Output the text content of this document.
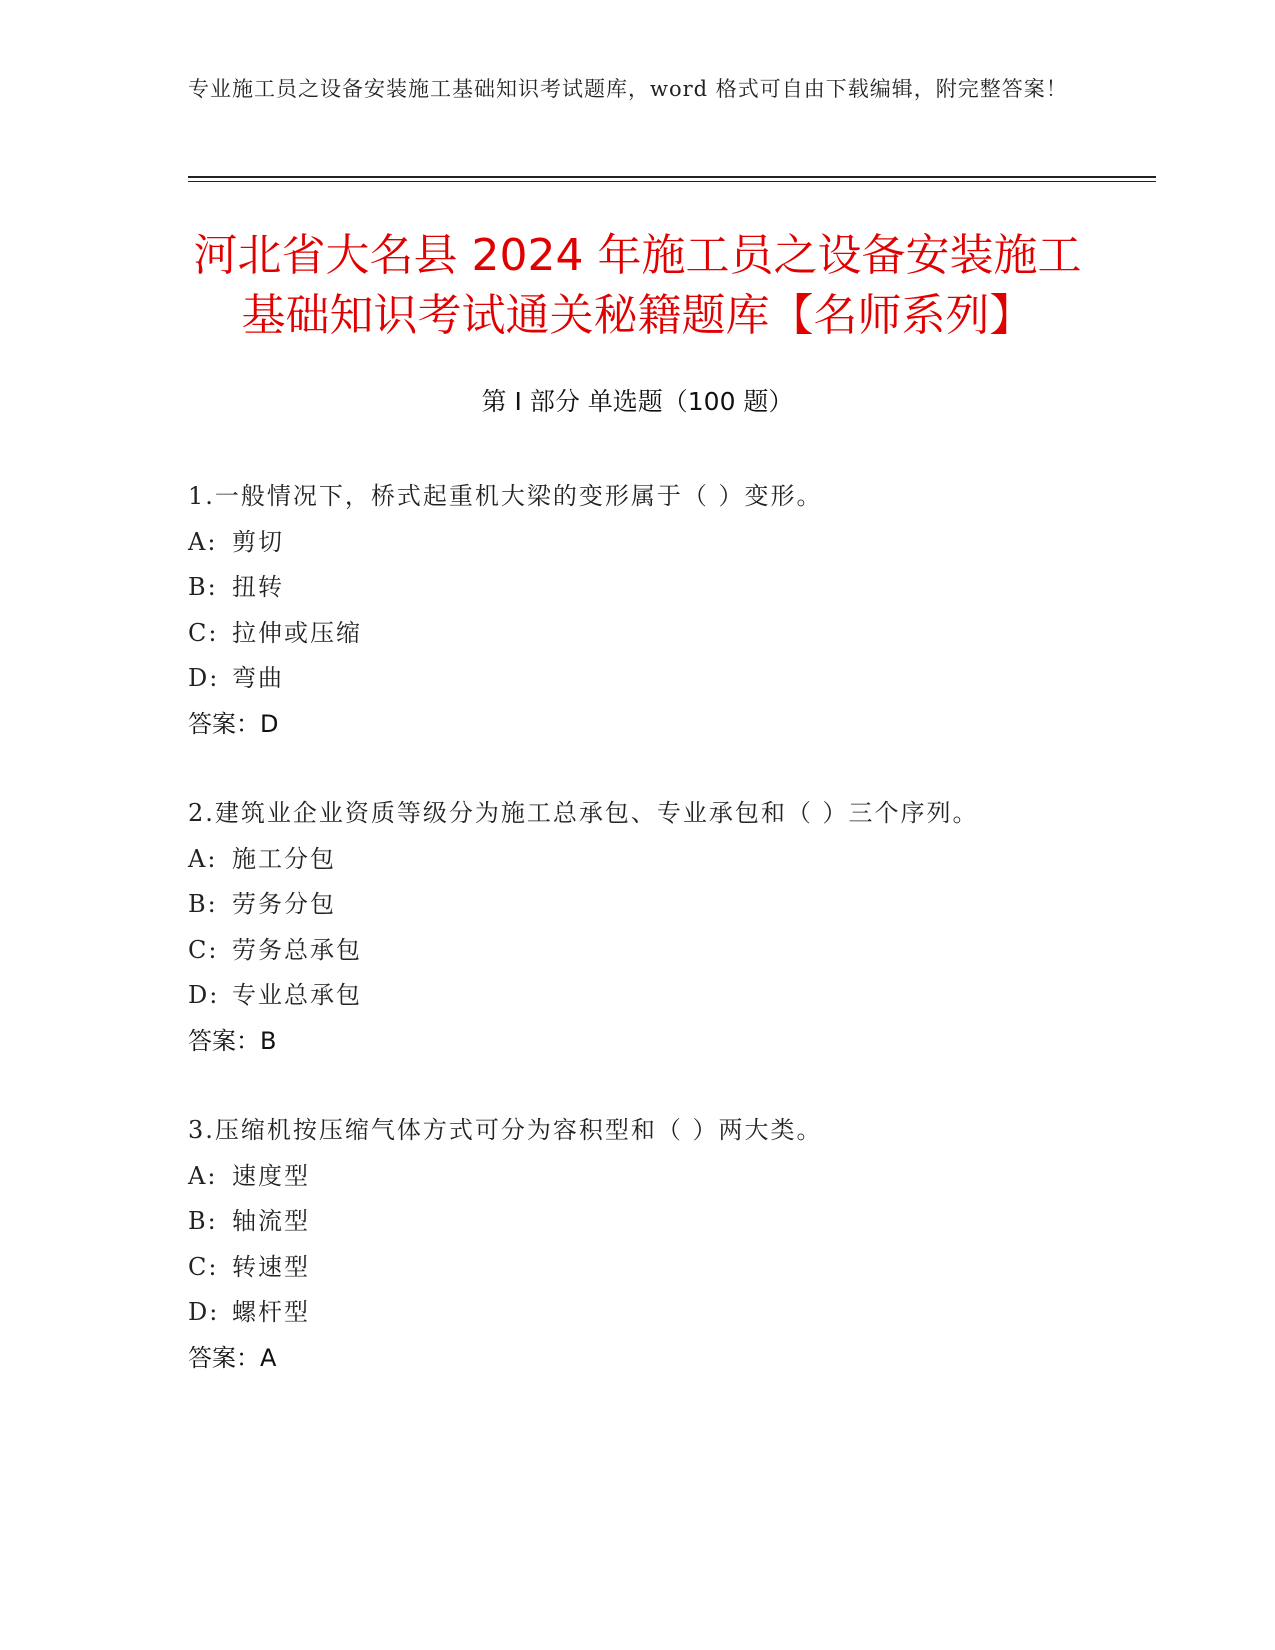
专业施工员之设备安装施工基础知识考试题库，word 格式可自由下载编辑，附完整答案！
河北省大名县 2024 年施工员之设备安装施工
基础知识考试通关秘籍题库【名师系列】
第 I 部分 单选题（100 题）
1.一般情况下，桥式起重机大梁的变形属于（ ）变形。
A: 剪切
B: 扭转
C: 拉伸或压缩
D: 弯曲
答案：D
2.建筑业企业资质等级分为施工总承包、专业承包和（ ）三个序列。
A: 施工分包
B: 劳务分包
C: 劳务总承包
D: 专业总承包
答案：B
3.压缩机按压缩气体方式可分为容积型和（ ）两大类。
A: 速度型
B: 轴流型
C: 转速型
D: 螺杆型
答案：A
